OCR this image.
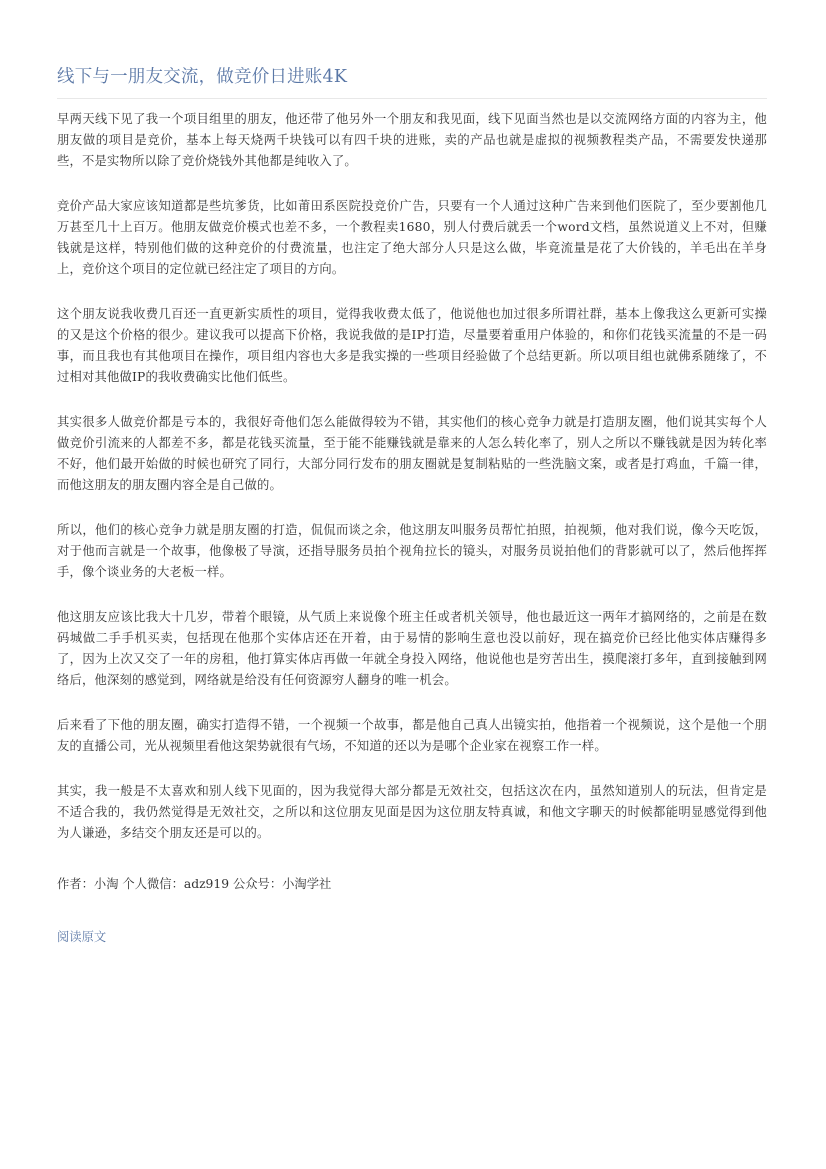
线下与一朋友交流，做竞价日进账4K

早两天线下见了我一个项目组里的朋友，他还带了他另外一个朋友和我见面，线下见面当然也是以交流网络方面的内容为主，他朋友做的项目是竞价，基本上每天烧两千块钱可以有四千块的进账，卖的产品也就是虚拟的视频教程类产品，不需要发快递那些，不是实物所以除了竞价烧钱外其他都是纯收入了。

竞价产品大家应该知道都是些坑爹货，比如莆田系医院投竞价广告，只要有一个人通过这种广告来到他们医院了，至少要割他几万甚至几十上百万。他朋友做竞价模式也差不多，一个教程卖1680，别人付费后就丢一个word文档，虽然说道义上不对，但赚钱就是这样，特别他们做的这种竞价的付费流量，也注定了绝大部分人只是这么做，毕竟流量是花了大价钱的，羊毛出在羊身上，竞价这个项目的定位就已经注定了项目的方向。

这个朋友说我收费几百还一直更新实质性的项目，觉得我收费太低了，他说他也加过很多所谓社群，基本上像我这么更新可实操的又是这个价格的很少。建议我可以提高下价格，我说我做的是IP打造，尽量要着重用户体验的，和你们花钱买流量的不是一码事，而且我也有其他项目在操作，项目组内容也大多是我实操的一些项目经验做了个总结更新。所以项目组也就佛系随缘了，不过相对其他做IP的我收费确实比他们低些。

其实很多人做竞价都是亏本的，我很好奇他们怎么能做得较为不错，其实他们的核心竞争力就是打造朋友圈，他们说其实每个人做竞价引流来的人都差不多，都是花钱买流量，至于能不能赚钱就是靠来的人怎么转化率了，别人之所以不赚钱就是因为转化率不好，他们最开始做的时候也研究了同行，大部分同行发布的朋友圈就是复制粘贴的一些洗脑文案，或者是打鸡血，千篇一律，而他这朋友的朋友圈内容全是自己做的。

所以，他们的核心竞争力就是朋友圈的打造，侃侃而谈之余，他这朋友叫服务员帮忙拍照，拍视频，他对我们说，像今天吃饭，对于他而言就是一个故事，他像极了导演，还指导服务员拍个视角拉长的镜头，对服务员说拍他们的背影就可以了，然后他挥挥手，像个谈业务的大老板一样。

他这朋友应该比我大十几岁，带着个眼镜，从气质上来说像个班主任或者机关领导，他也最近这一两年才搞网络的，之前是在数码城做二手手机买卖，包括现在他那个实体店还在开着，由于易情的影响生意也没以前好，现在搞竞价已经比他实体店赚得多了，因为上次又交了一年的房租，他打算实体店再做一年就全身投入网络，他说他也是穷苦出生，摸爬滚打多年，直到接触到网络后，他深刻的感觉到，网络就是给没有任何资源穷人翻身的唯一机会。

后来看了下他的朋友圈，确实打造得不错，一个视频一个故事，都是他自己真人出镜实拍，他指着一个视频说，这个是他一个朋友的直播公司，光从视频里看他这架势就很有气场，不知道的还以为是哪个企业家在视察工作一样。

其实，我一般是不太喜欢和别人线下见面的，因为我觉得大部分都是无效社交，包括这次在内，虽然知道别人的玩法，但肯定是不适合我的，我仍然觉得是无效社交，之所以和这位朋友见面是因为这位朋友特真诚，和他文字聊天的时候都能明显感觉得到他为人谦逊，多结交个朋友还是可以的。

作者：小淘 个人微信：adz919 公众号：小淘学社

阅读原文
